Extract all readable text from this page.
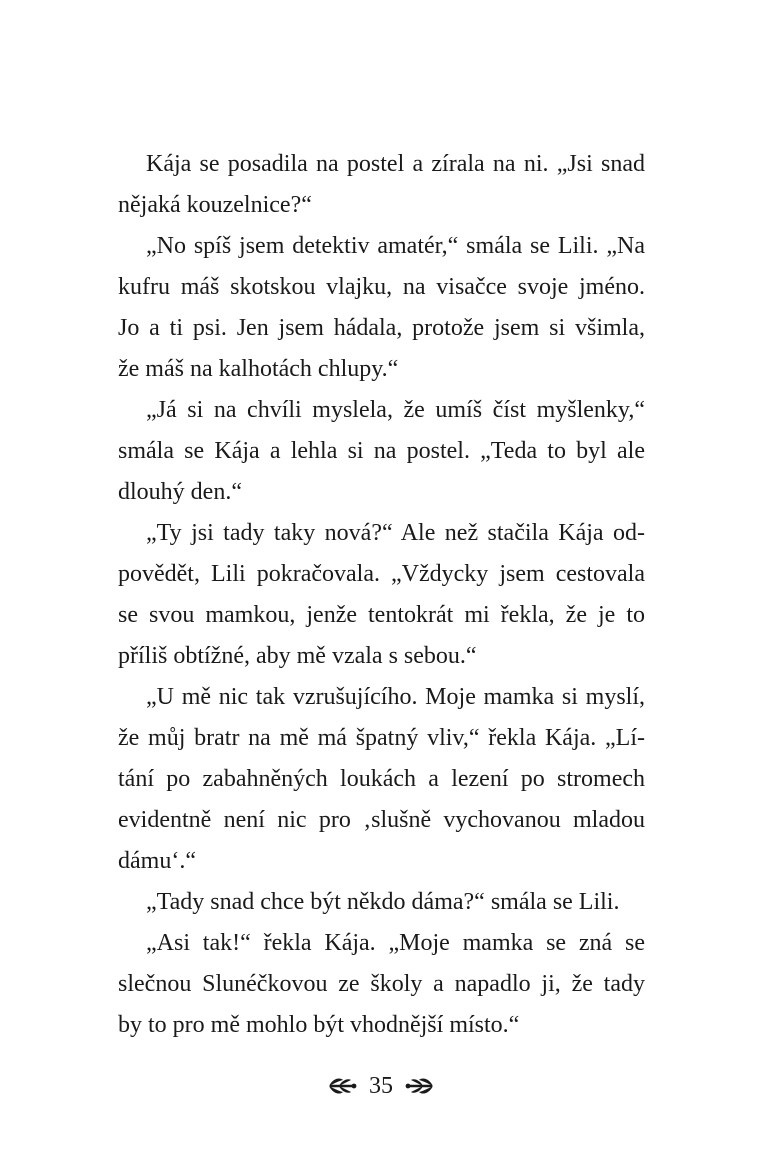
Kája se posadila na postel a zírala na ni. „Jsi snad
nějaká kouzelnice?“
„No spíš jsem detektiv amatér,“ smála se Lili. „Na
kufru máš skotskou vlajku, na visačce svoje jméno.
Jo a ti psi. Jen jsem hádala, protože jsem si všimla,
že máš na kalhotách chlupy.“
„Já si na chvíli myslela, že umíš číst myšlenky,“
smála se Kája a lehla si na postel. „Teda to byl ale
dlouhý den.“
„Ty jsi tady taky nová?“ Ale než stačila Kája od-
povědět, Lili pokračovala. „Vždycky jsem cestovala
se svou mamkou, jenže tentokrát mi řekla, že je to
příliš obtížné, aby mě vzala s sebou.“
„U mě nic tak vzrušujícího. Moje mamka si myslí,
že můj bratr na mě má špatný vliv,“ řekla Kája. „Lí-
tání po zabahněných loukách a lezení po stromech
evidentně není nic pro ‚slušně vychovanou mladou
dámu‘.“
„Tady snad chce být někdo dáma?“ smála se Lili.
„Asi tak!“ řekla Kája. „Moje mamka se zná se
slečnou Slunéčkovou ze školy a napadlo ji, že tady
by to pro mě mohlo být vhodnější místo.“
35
